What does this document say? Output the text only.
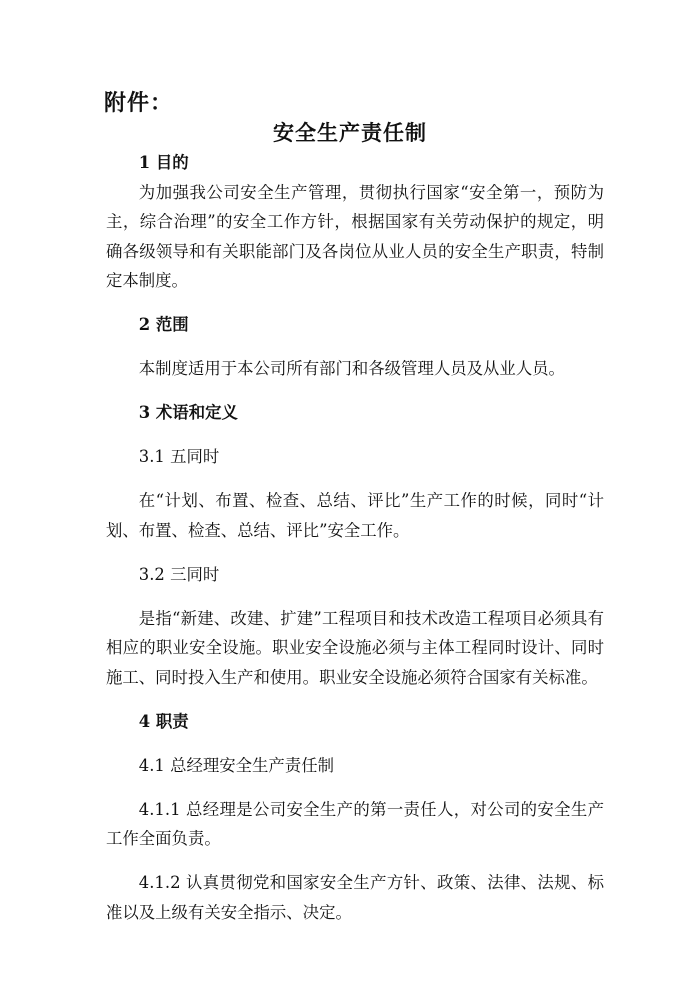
附件：
安全生产责任制

1 目的

为加强我公司安全生产管理，贯彻执行国家“安全第一，预防为主，综合治理”的安全工作方针，根据国家有关劳动保护的规定，明确各级领导和有关职能部门及各岗位从业人员的安全生产职责，特制定本制度。

2 范围

本制度适用于本公司所有部门和各级管理人员及从业人员。

3 术语和定义

3.1 五同时

在“计划、布置、检查、总结、评比”生产工作的时候，同时“计划、布置、检查、总结、评比”安全工作。

3.2 三同时

是指“新建、改建、扩建”工程项目和技术改造工程项目必须具有相应的职业安全设施。职业安全设施必须与主体工程同时设计、同时施工、同时投入生产和使用。职业安全设施必须符合国家有关标准。

4 职责

4.1 总经理安全生产责任制

4.1.1 总经理是公司安全生产的第一责任人，对公司的安全生产工作全面负责。

4.1.2 认真贯彻党和国家安全生产方针、政策、法律、法规、标准以及上级有关安全指示、决定。
